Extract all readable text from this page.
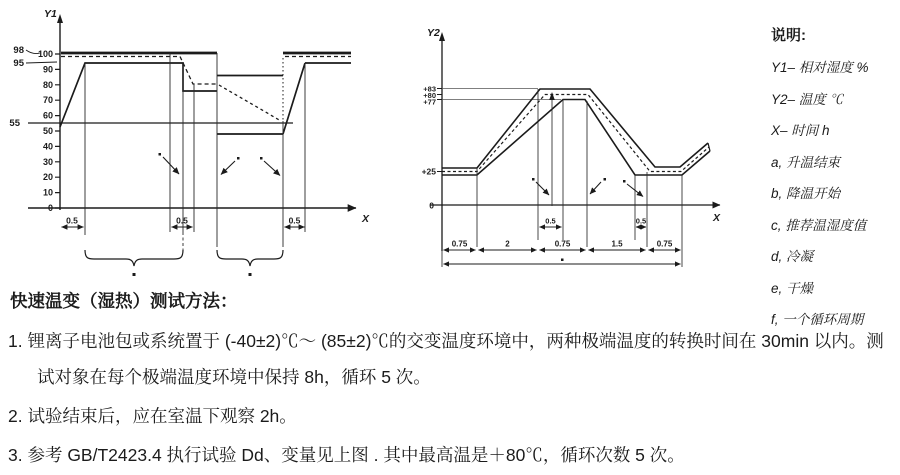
100
90
80
70
60
50
40
30
20
10
0
98
95
55
0.5	0.5	0.5
Y1
X
+83
+80
+77
+25
0
0.75	2	0.75	1.5	0.75
0.5	0.5
Y2
X
说明:
Y1– 相对湿度 %
Y2– 温度 ℃
X– 时间 h
a, 升温结束
b, 降温开始
c, 推荐温湿度值
d, 冷凝
e, 干燥
f, 一个循环周期
快速温变（湿热）测试方法：

1. 锂离子电池包或系统置于 (-40±2)℃～ (85±2)℃的交变温度环境中，两种极端温度的转换时间在 30min 以内。测试对象在每个极端温度环境中保持 8h，循环 5 次。

2. 试验结束后，应在室温下观察 2h。

3. 参考 GB/T2423.4 执行试验 Dd、变量见上图 . 其中最高温是＋80℃，循环次数 5 次。
